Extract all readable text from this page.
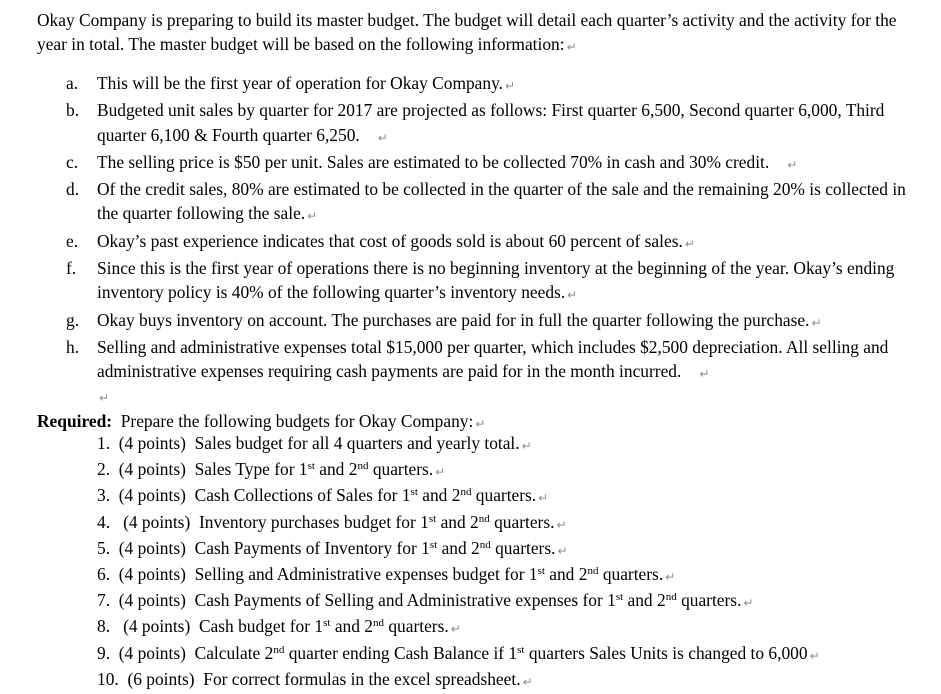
Okay Company is preparing to build its master budget. The budget will detail each quarter’s activity and the activity for the year in total. The master budget will be based on the following information: ↵
a.	This will be the first year of operation for Okay Company. ↵
b.	Budgeted unit sales by quarter for 2017 are projected as follows: First quarter 6,500, Second quarter 6,000, Third quarter 6,100 & Fourth quarter 6,250. ↵
c.	The selling price is $50 per unit. Sales are estimated to be collected 70% in cash and 30% credit. ↵
d.	Of the credit sales, 80% are estimated to be collected in the quarter of the sale and the remaining 20% is collected in the quarter following the sale. ↵
e.	Okay’s past experience indicates that cost of goods sold is about 60 percent of sales. ↵
f.	Since this is the first year of operations there is no beginning inventory at the beginning of the year. Okay’s ending inventory policy is 40% of the following quarter’s inventory needs. ↵
g.	Okay buys inventory on account. The purchases are paid for in full the quarter following the purchase. ↵
h.	Selling and administrative expenses total $15,000 per quarter, which includes $2,500 depreciation. All selling and administrative expenses requiring cash payments are paid for in the month incurred. ↵
↵
Required: Prepare the following budgets for Okay Company: ↵
1. (4 points) Sales budget for all 4 quarters and yearly total. ↵
2. (4 points) Sales Type for 1st and 2nd quarters. ↵
3. (4 points) Cash Collections of Sales for 1st and 2nd quarters. ↵
4. (4 points) Inventory purchases budget for 1st and 2nd quarters. ↵
5. (4 points) Cash Payments of Inventory for 1st and 2nd quarters. ↵
6. (4 points) Selling and Administrative expenses budget for 1st and 2nd quarters. ↵
7. (4 points) Cash Payments of Selling and Administrative expenses for 1st and 2nd quarters. ↵
8. (4 points) Cash budget for 1st and 2nd quarters. ↵
9. (4 points) Calculate 2nd quarter ending Cash Balance if 1st quarters Sales Units is changed to 6,000 ↵
10. (6 points) For correct formulas in the excel spreadsheet. ↵
